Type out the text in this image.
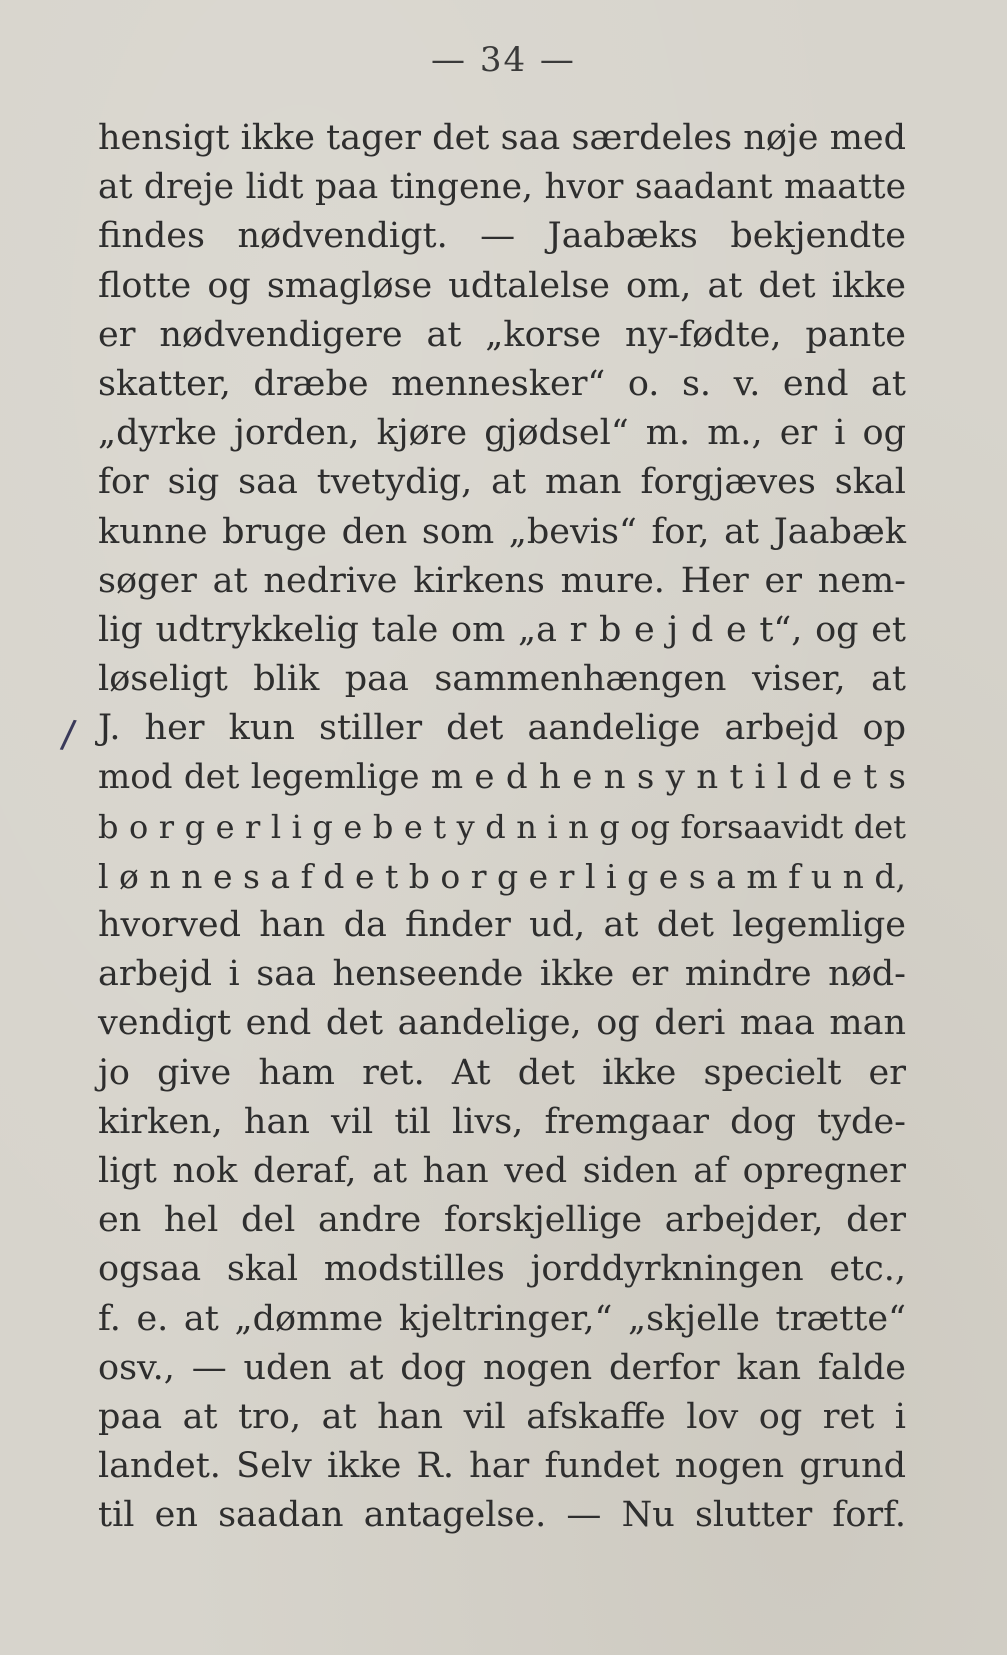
— 34 —
/
hensigt ikke tager det saa særdeles nøje med
at dreje lidt paa tingene, hvor saadant maatte
findes nødvendigt. — Jaabæks bekjendte
flotte og smagløse udtalelse om, at det ikke
er nødvendigere at „korse ny-fødte, pante
skatter, dræbe mennesker“ o. s. v. end at
„dyrke jorden, kjøre gjødsel“ m. m., er i og
for sig saa tvetydig, at man forgjæves skal
kunne bruge den som „bevis“ for, at Jaabæk
søger at nedrive kirkens mure. Her er nem-
lig udtrykkelig tale om „a r b e j d e t“, og et
løseligt blik paa sammenhængen viser, at
J. her kun stiller det aandelige arbejd op
mod det legemlige m e d h e n s y n t i l d e t s
b o r g e r l i g e b e t y d n i n g og forsaavidt det
l ø n n e s a f d e t b o r g e r l i g e s a m f u n d,
hvorved han da finder ud, at det legemlige
arbejd i saa henseende ikke er mindre nød-
vendigt end det aandelige, og deri maa man
jo give ham ret. At det ikke specielt er
kirken, han vil til livs, fremgaar dog tyde-
ligt nok deraf, at han ved siden af opregner
en hel del andre forskjellige arbejder, der
ogsaa skal modstilles jorddyrkningen etc.,
f. e. at „dømme kjeltringer,“ „skjelle trætte“
osv., — uden at dog nogen derfor kan falde
paa at tro, at han vil afskaffe lov og ret i
landet. Selv ikke R. har fundet nogen grund
til en saadan antagelse. — Nu slutter forf.
